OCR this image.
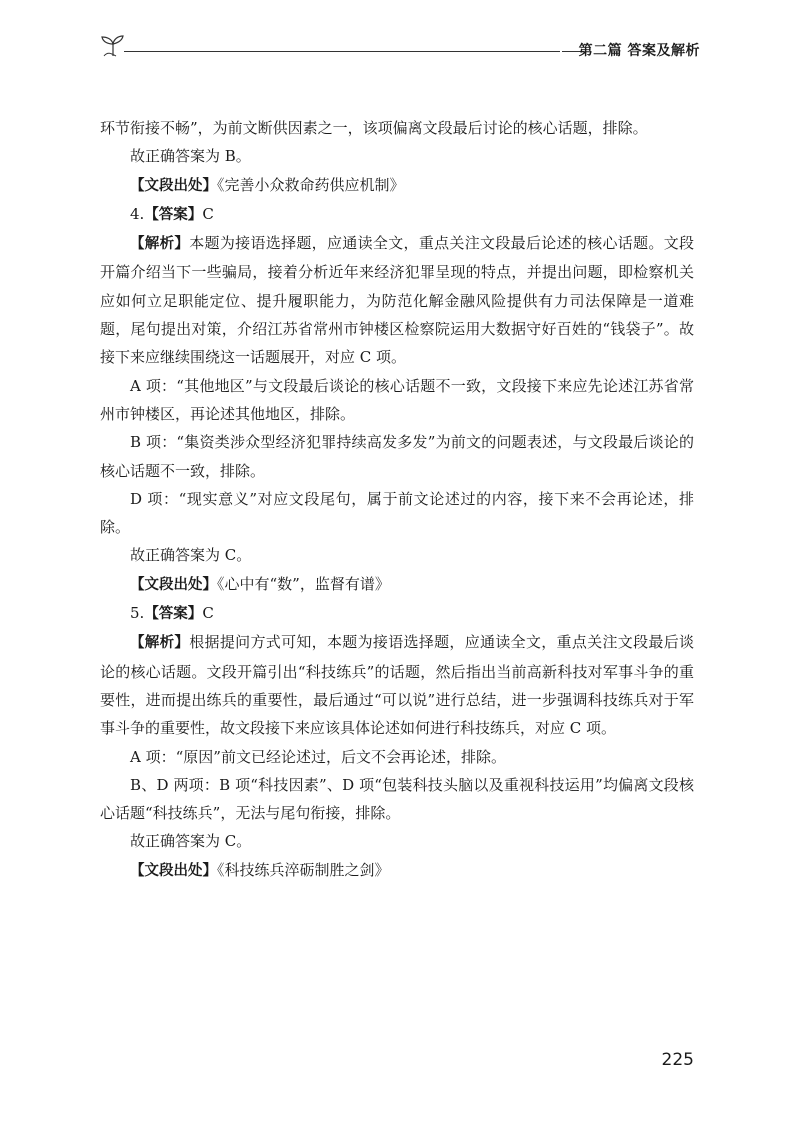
第二篇 答案及解析

环节衔接不畅”，为前文断供因素之一，该项偏离文段最后讨论的核心话题，排除。

故正确答案为 B。

【文段出处】《完善小众救命药供应机制》

4.【答案】C

【解析】本题为接语选择题，应通读全文，重点关注文段最后论述的核心话题。文段开篇介绍当下一些骗局，接着分析近年来经济犯罪呈现的特点，并提出问题，即检察机关应如何立足职能定位、提升履职能力，为防范化解金融风险提供有力司法保障是一道难题，尾句提出对策，介绍江苏省常州市钟楼区检察院运用大数据守好百姓的“钱袋子”。故接下来应继续围绕这一话题展开，对应 C 项。

A 项：“其他地区”与文段最后谈论的核心话题不一致，文段接下来应先论述江苏省常州市钟楼区，再论述其他地区，排除。

B 项：“集资类涉众型经济犯罪持续高发多发”为前文的问题表述，与文段最后谈论的核心话题不一致，排除。

D 项：“现实意义”对应文段尾句，属于前文论述过的内容，接下来不会再论述，排除。

故正确答案为 C。

【文段出处】《心中有“数”，监督有谱》

5.【答案】C

【解析】根据提问方式可知，本题为接语选择题，应通读全文，重点关注文段最后谈论的核心话题。文段开篇引出“科技练兵”的话题，然后指出当前高新科技对军事斗争的重要性，进而提出练兵的重要性，最后通过“可以说”进行总结，进一步强调科技练兵对于军事斗争的重要性，故文段接下来应该具体论述如何进行科技练兵，对应 C 项。

A 项：“原因”前文已经论述过，后文不会再论述，排除。

B、D 两项：B 项“科技因素”、D 项“包装科技头脑以及重视科技运用”均偏离文段核心话题“科技练兵”，无法与尾句衔接，排除。

故正确答案为 C。

【文段出处】《科技练兵淬砺制胜之剑》

225
